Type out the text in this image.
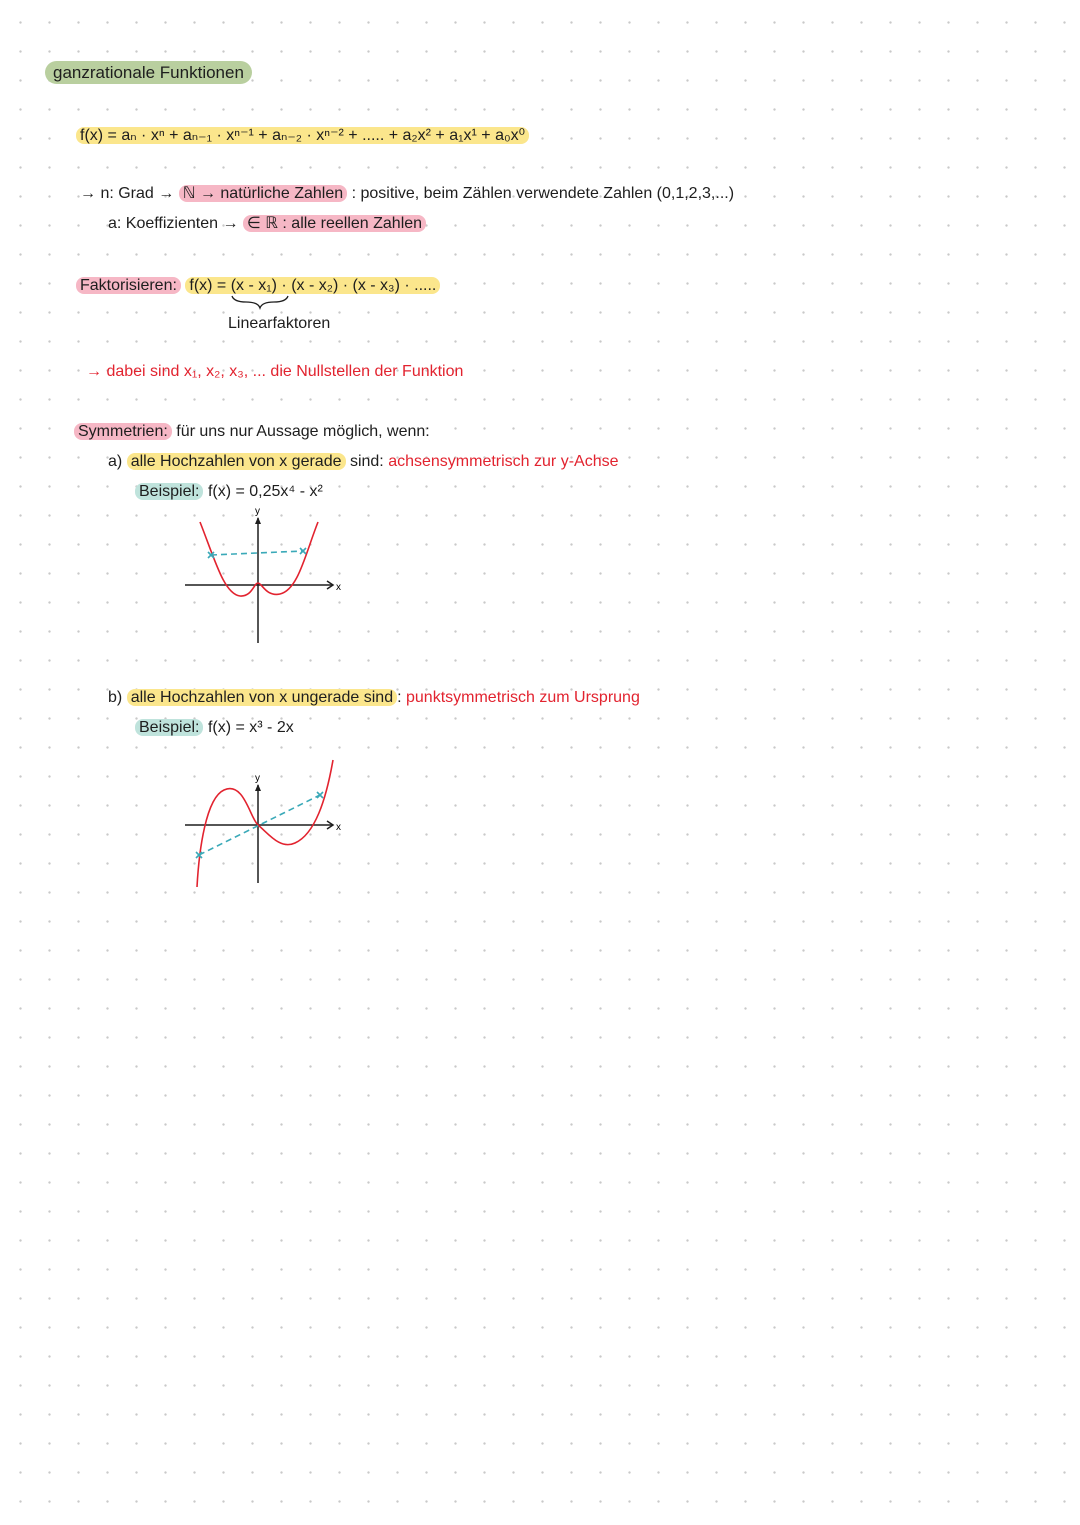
ganzrationale Funktionen
f(x) = aₙ · xⁿ + aₙ₋₁ · xⁿ⁻¹ + aₙ₋₂ · xⁿ⁻² + ..... + a₂x² + a₁x¹ + a₀x⁰
→ n: Grad → ℕ → natürliche Zahlen : positive, beim Zählen verwendete Zahlen (0,1,2,3,...)
a: Koeffizienten → ∈ ℝ : alle reellen Zahlen
Faktorisieren: f(x) = (x - x₁) · (x - x₂) · (x - x₃) · .....
Linearfaktoren
→ dabei sind x₁, x₂, x₃, ... die Nullstellen der Funktion
Symmetrien: für uns nur Aussage möglich, wenn:
a) alle Hochzahlen von x gerade sind: achsensymmetrisch zur y-Achse
Beispiel: f(x) = 0,25x⁴ - x²
b) alle Hochzahlen von x ungerade sind : punktsymmetrisch zum Ursprung
Beispiel: f(x) = x³ - 2x
x
y
x
y
